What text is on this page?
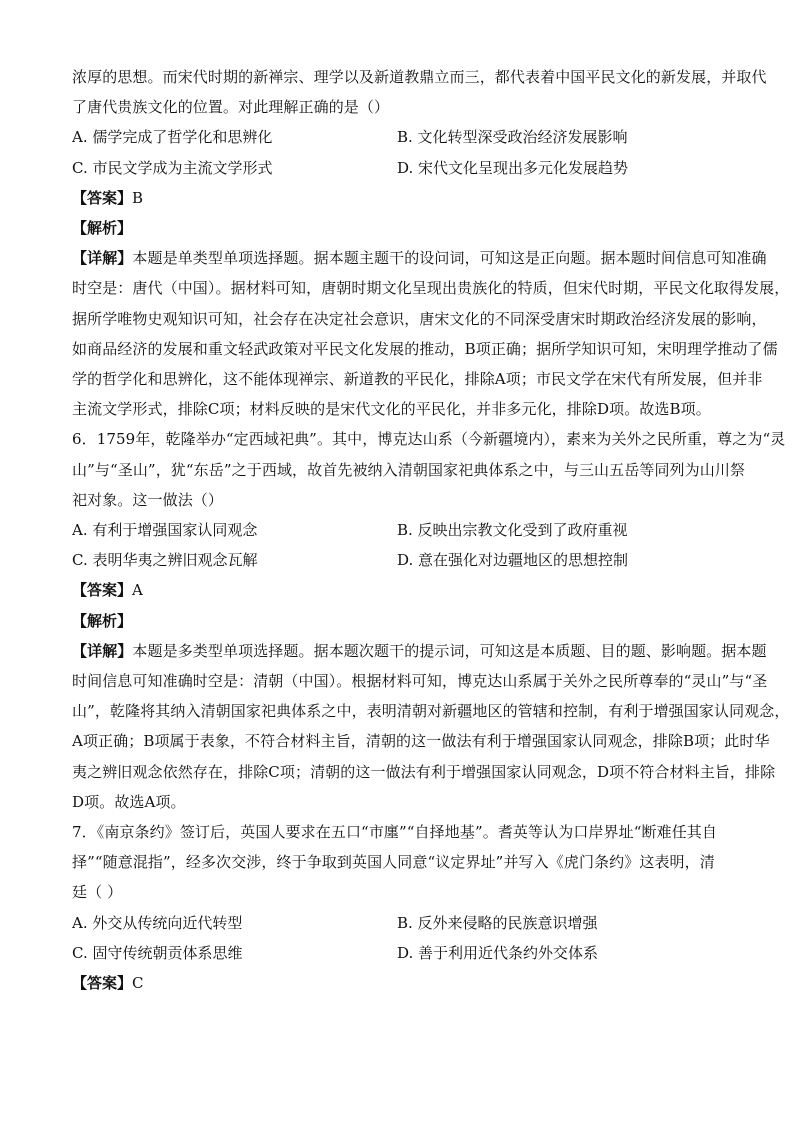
浓厚的思想。而宋代时期的新禅宗、理学以及新道教鼎立而三，都代表着中国平民文化的新发展，并取代
了唐代贵族文化的位置。对此理解正确的是（）
A. 儒学完成了哲学化和思辨化	B. 文化转型深受政治经济发展影响
C. 市民文学成为主流文学形式	D. 宋代文化呈现出多元化发展趋势
【答案】B
【解析】
【详解】本题是单类型单项选择题。据本题主题干的设问词，可知这是正向题。据本题时间信息可知准确
时空是：唐代（中国）。据材料可知，唐朝时期文化呈现出贵族化的特质，但宋代时期，平民文化取得发展，
据所学唯物史观知识可知，社会存在决定社会意识，唐宋文化的不同深受唐宋时期政治经济发展的影响，
如商品经济的发展和重文轻武政策对平民文化发展的推动，B项正确；据所学知识可知，宋明理学推动了儒
学的哲学化和思辨化，这不能体现禅宗、新道教的平民化，排除A项；市民文学在宋代有所发展，但并非
主流文学形式，排除C项；材料反映的是宋代文化的平民化，并非多元化，排除D项。故选B项。
6．1759年，乾隆举办“定西域祀典”。其中，博克达山系（今新疆境内），素来为关外之民所重，尊之为“灵
山”与“圣山”，犹“东岳”之于西域，故首先被纳入清朝国家祀典体系之中，与三山五岳等同列为山川祭
祀对象。这一做法（）
A. 有利于增强国家认同观念	B. 反映出宗教文化受到了政府重视
C. 表明华夷之辨旧观念瓦解	D. 意在强化对边疆地区的思想控制
【答案】A
【解析】
【详解】本题是多类型单项选择题。据本题次题干的提示词，可知这是本质题、目的题、影响题。据本题
时间信息可知准确时空是：清朝（中国）。根据材料可知，博克达山系属于关外之民所尊奉的“灵山”与“圣
山”，乾隆将其纳入清朝国家祀典体系之中，表明清朝对新疆地区的管辖和控制，有利于增强国家认同观念，
A项正确；B项属于表象，不符合材料主旨，清朝的这一做法有利于增强国家认同观念，排除B项；此时华
夷之辨旧观念依然存在，排除C项；清朝的这一做法有利于增强国家认同观念，D项不符合材料主旨，排除
D项。故选A项。
7．《南京条约》签订后，英国人要求在五口“市廛”“自择地基”。耆英等认为口岸界址“断难任其自
择”“随意混指”，经多次交涉，终于争取到英国人同意“议定界址”并写入《虎门条约》这表明，清
廷（ ）
A. 外交从传统向近代转型	B. 反外来侵略的民族意识增强
C. 固守传统朝贡体系思维	D. 善于利用近代条约外交体系
【答案】C
